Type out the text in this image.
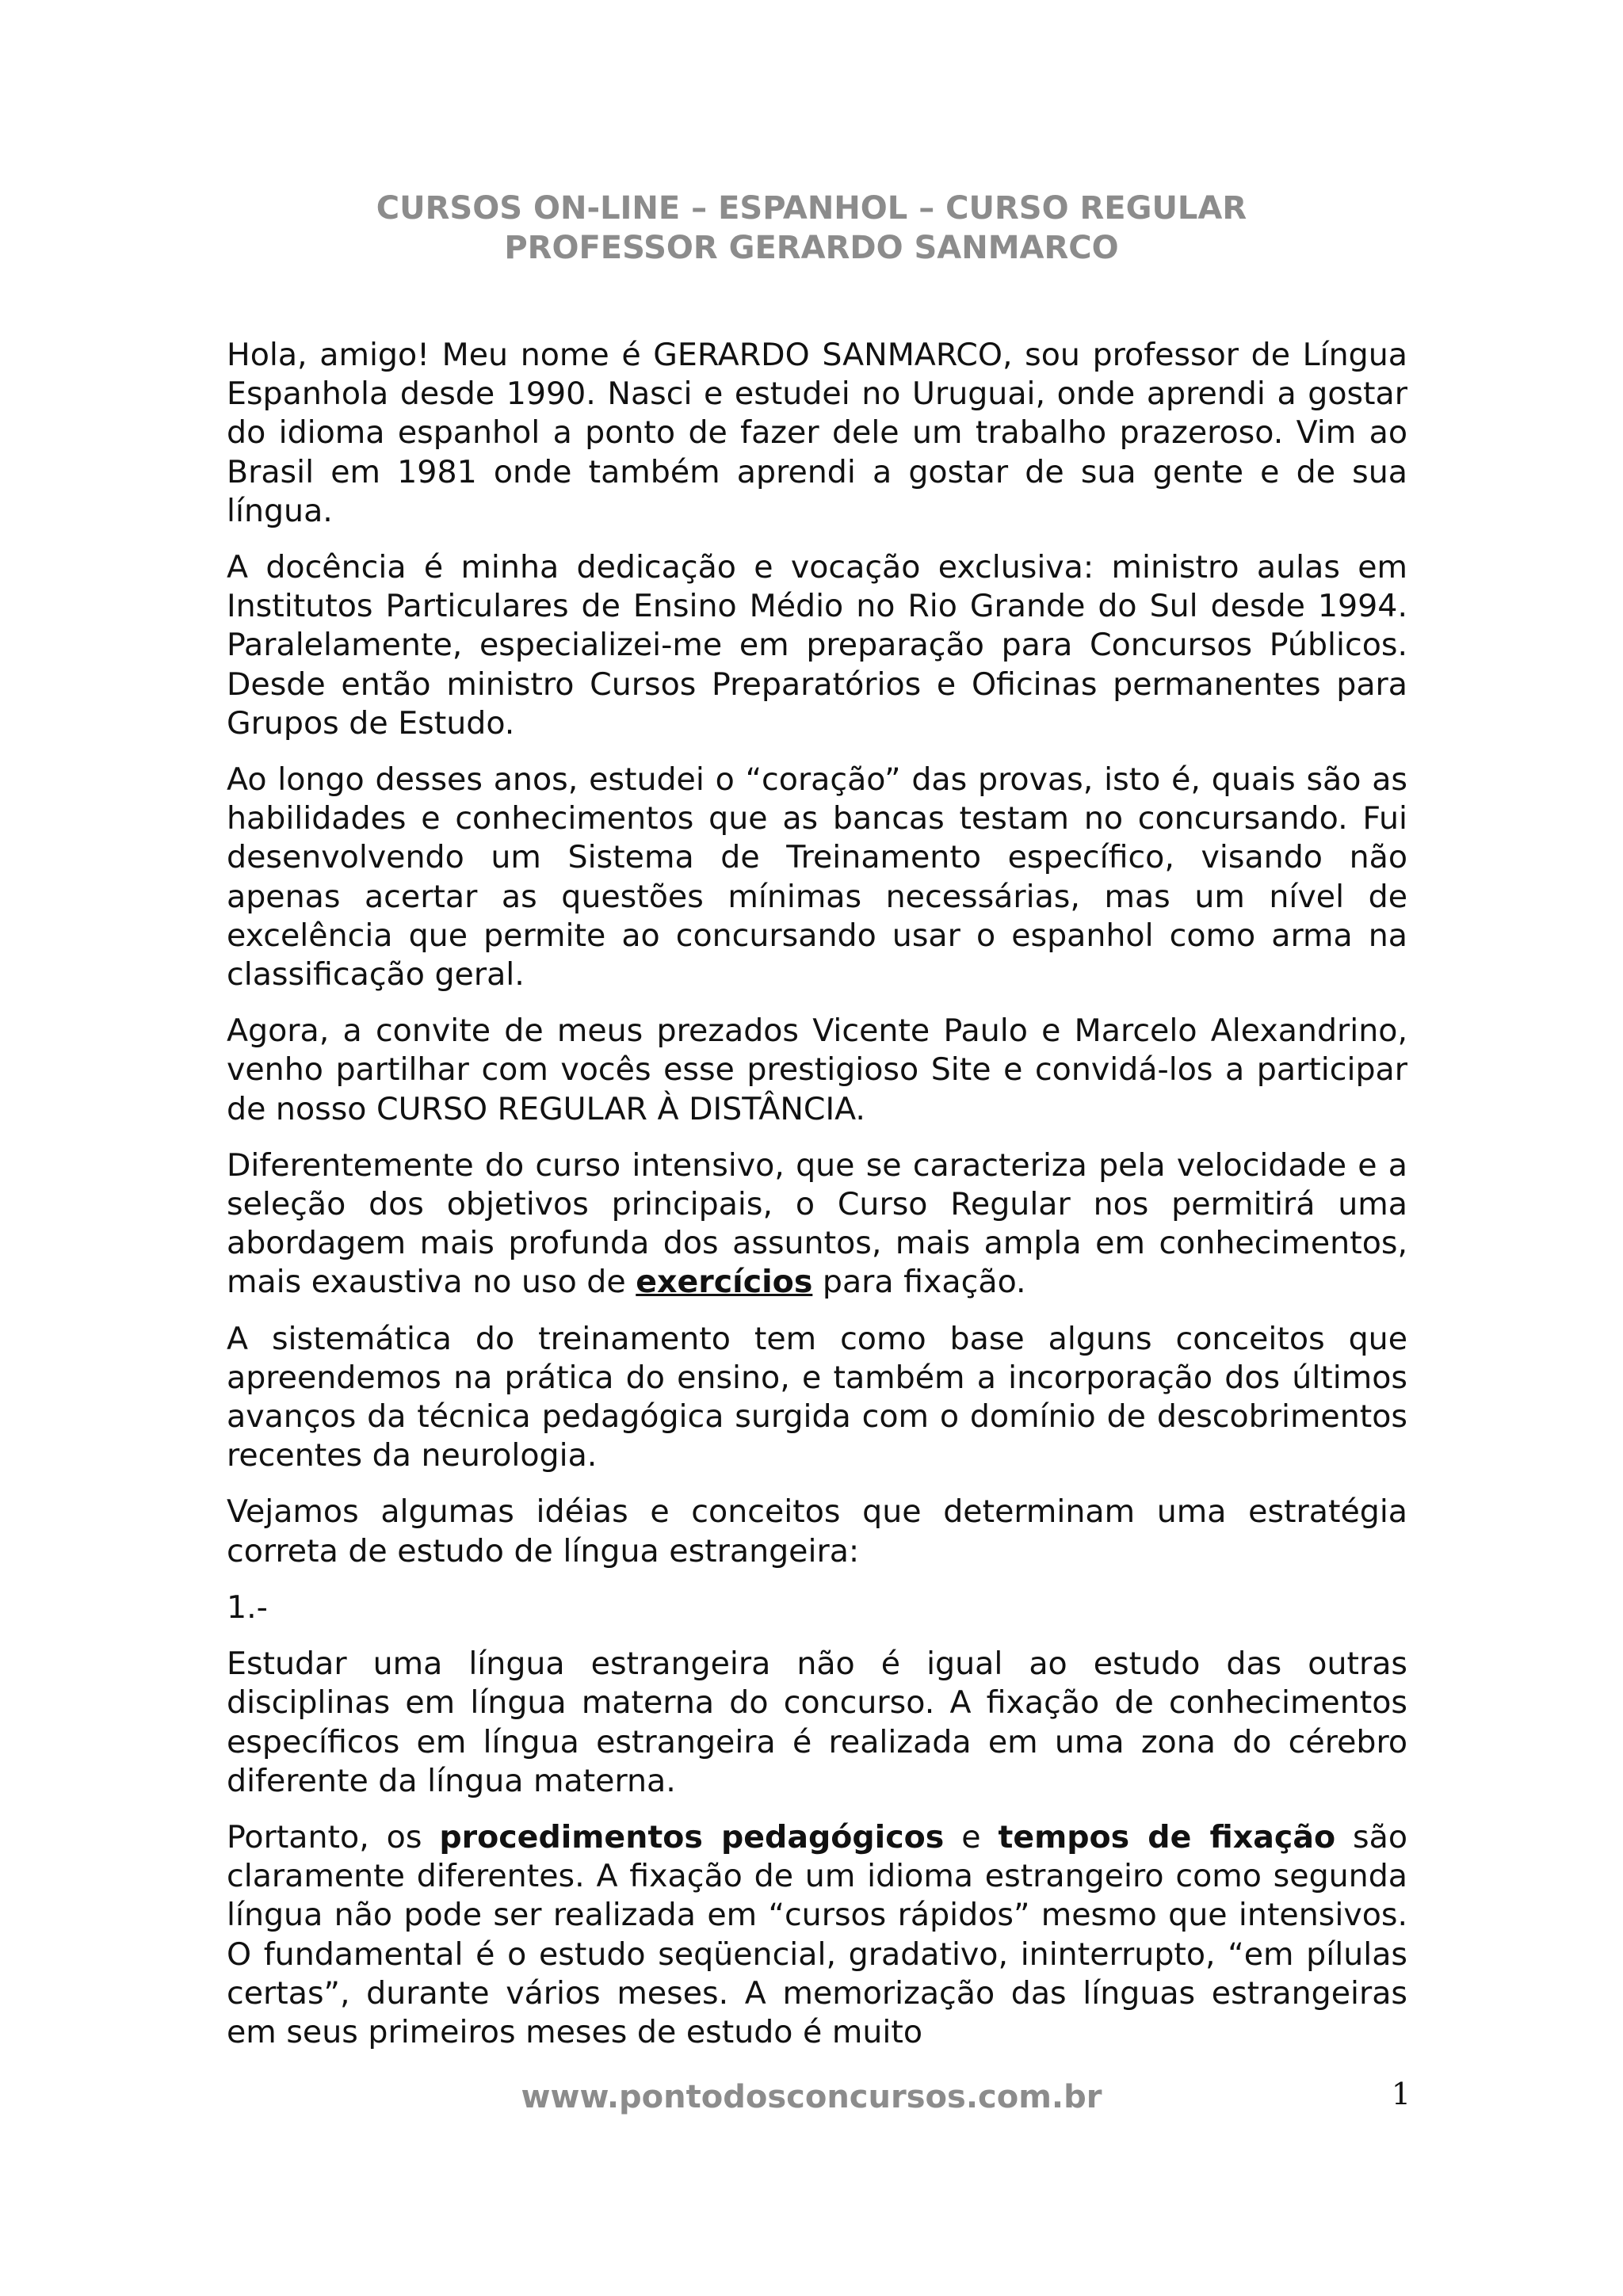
CURSOS ON-LINE – ESPANHOL – CURSO REGULAR
PROFESSOR GERARDO SANMARCO

Hola, amigo! Meu nome é GERARDO SANMARCO, sou professor de Língua Espanhola desde 1990. Nasci e estudei no Uruguai, onde aprendi a gostar do idioma espanhol a ponto de fazer dele um trabalho prazeroso. Vim ao Brasil em 1981 onde também aprendi a gostar de sua gente e de sua língua.

A docência é minha dedicação e vocação exclusiva: ministro aulas em Institutos Particulares de Ensino Médio no Rio Grande do Sul desde 1994. Paralelamente, especializei-me em preparação para Concursos Públicos. Desde então ministro Cursos Preparatórios e Oficinas permanentes para Grupos de Estudo.

Ao longo desses anos, estudei o “coração” das provas, isto é, quais são as habilidades e conhecimentos que as bancas testam no concursando. Fui desenvolvendo um Sistema de Treinamento específico, visando não apenas acertar as questões mínimas necessárias, mas um nível de excelência que permite ao concursando usar o espanhol como arma na classificação geral.

Agora, a convite de meus prezados Vicente Paulo e Marcelo Alexandrino, venho partilhar com vocês esse prestigioso Site e convidá-los a participar de nosso CURSO REGULAR À DISTÂNCIA.

Diferentemente do curso intensivo, que se caracteriza pela velocidade e a seleção dos objetivos principais, o Curso Regular nos permitirá uma abordagem mais profunda dos assuntos, mais ampla em conhecimentos, mais exaustiva no uso de exercícios para fixação.

A sistemática do treinamento tem como base alguns conceitos que apreendemos na prática do ensino, e também a incorporação dos últimos avanços da técnica pedagógica surgida com o domínio de descobrimentos recentes da neurologia.

Vejamos algumas idéias e conceitos que determinam uma estratégia correta de estudo de língua estrangeira:

1.-

Estudar uma língua estrangeira não é igual ao estudo das outras disciplinas em língua materna do concurso. A fixação de conhecimentos específicos em língua estrangeira é realizada em uma zona do cérebro diferente da língua materna.

Portanto, os procedimentos pedagógicos e tempos de fixação são claramente diferentes. A fixação de um idioma estrangeiro como segunda língua não pode ser realizada em “cursos rápidos” mesmo que intensivos. O fundamental é o estudo seqüencial, gradativo, ininterrupto, “em pílulas certas”, durante vários meses. A memorização das línguas estrangeiras em seus primeiros meses de estudo é muito

www.pontodosconcursos.com.br	1
